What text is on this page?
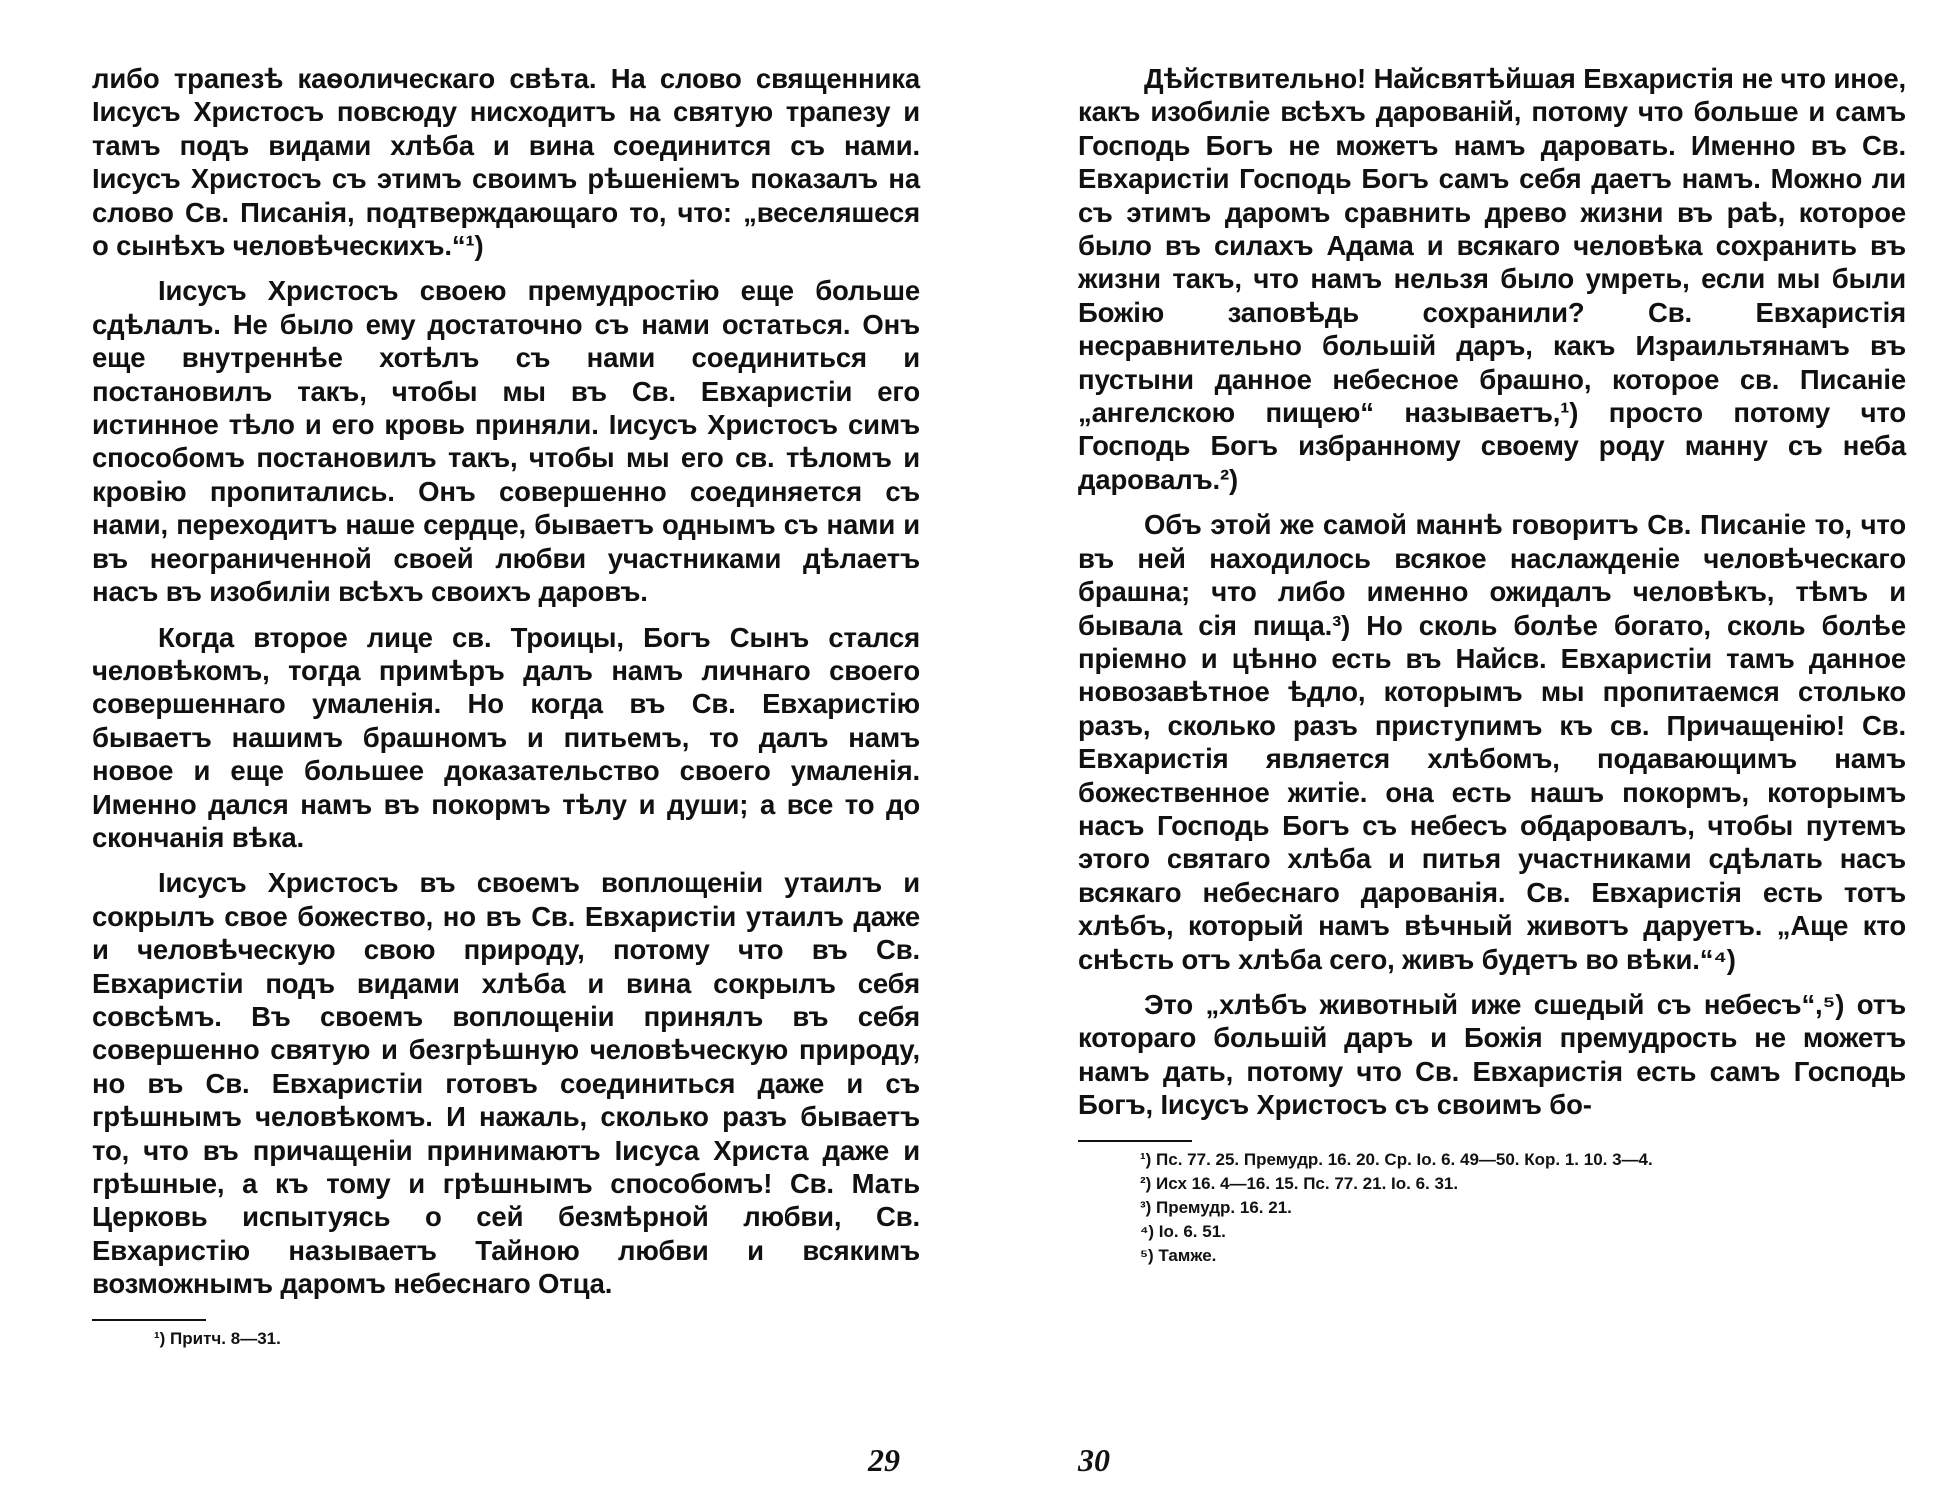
либо трапезѣ каѳолическаго свѣта. На слово священника Іисусъ Христосъ повсюду нисходитъ на святую трапезу и тамъ подъ видами хлѣба и вина соединится съ нами. Іисусъ Христосъ съ этимъ своимъ рѣшеніемъ показалъ на слово Св. Писанія, подтверждающаго то, что: „веселяшеся о сынѣхъ человѣческихъ.“¹)

Іисусъ Христосъ своею премудростію еще больше сдѣлалъ. Не было ему достаточно съ нами остаться. Онъ еще внутреннѣе хотѣлъ съ нами соединиться и постановилъ такъ, чтобы мы въ Св. Евхаристіи его истинное тѣло и его кровь приняли. Іисусъ Христосъ симъ способомъ постановилъ такъ, чтобы мы его св. тѣломъ и кровію пропитались. Онъ совершенно соединяется съ нами, переходитъ наше сердце, бываетъ однымъ съ нами и въ неограниченной своей любви участниками дѣлаетъ насъ въ изобиліи всѣхъ своихъ даровъ.

Когда второе лице св. Троицы, Богъ Сынъ стался человѣкомъ, тогда примѣръ далъ намъ личнаго своего совершеннаго умаленія. Но когда въ Св. Евхаристію бываетъ нашимъ брашномъ и питьемъ, то далъ намъ новое и еще большее доказательство своего умаленія. Именно дался намъ въ покормъ тѣлу и души; а все то до скончанія вѣка.

Іисусъ Христосъ въ своемъ воплощеніи утаилъ и сокрылъ свое божество, но въ Св. Евхаристіи утаилъ даже и человѣческую свою природу, потому что въ Св. Евхаристіи подъ видами хлѣба и вина сокрылъ себя совсѣмъ. Въ своемъ воплощеніи принялъ въ себя совершенно святую и безгрѣшную человѣческую природу, но въ Св. Евхаристіи готовъ соединиться даже и съ грѣшнымъ человѣкомъ. И нажаль, сколько разъ бываетъ то, что въ причащеніи принимаютъ Іисуса Христа даже и грѣшные, а къ тому и грѣшнымъ способомъ! Св. Мать Церковь испытуясь о сей безмѣрной любви, Св. Евхаристію называетъ Тайною любви и всякимъ возможнымъ даромъ небеснаго Отца.

¹) Притч. 8—31.

Дѣйствительно! Найсвятѣйшая Евхаристія не что иное, какъ изобиліе всѣхъ дарованій, потому что больше и самъ Господь Богъ не можетъ намъ даровать. Именно въ Св. Евхаристіи Господь Богъ самъ себя даетъ намъ. Можно ли съ этимъ даромъ сравнить древо жизни въ раѣ, которое было въ силахъ Адама и всякаго человѣка сохранить въ жизни такъ, что намъ нельзя было умреть, если мы были Божію заповѣдь сохранили? Св. Евхаристія несравнительно большій даръ, какъ Израильтянамъ въ пустыни данное небесное брашно, которое св. Писаніе „ангелскою пищею“ называетъ,¹) просто потому что Господь Богъ избранному своему роду манну съ неба даровалъ.²)

Объ этой же самой маннѣ говоритъ Св. Писаніе то, что въ ней находилось всякое наслажденіе человѣческаго брашна; что либо именно ожидалъ человѣкъ, тѣмъ и бывала сія пища.³) Но сколь болѣе богато, сколь болѣе пріемно и цѣнно есть въ Найсв. Евхаристіи тамъ данное новозавѣтное ѣдло, которымъ мы пропитаемся столько разъ, сколько разъ приступимъ къ св. Причащенію! Св. Евхаристія является хлѣбомъ, подавающимъ намъ божественное житіе. она есть нашъ покормъ, которымъ насъ Господь Богъ съ небесъ обдаровалъ, чтобы путемъ этого святаго хлѣба и питья участниками сдѣлать насъ всякаго небеснаго дарованія. Св. Евхаристія есть тотъ хлѣбъ, который намъ вѣчный животъ даруетъ. „Аще кто снѣсть отъ хлѣба сего, живъ будетъ во вѣки.“⁴)

Это „хлѣбъ животный иже сшедый съ небесъ“,⁵) отъ котораго большій даръ и Божія премудрость не можетъ намъ дать, потому что Св. Евхаристія есть самъ Господь Богъ, Іисусъ Христосъ съ своимъ бо-

¹) Пс. 77. 25. Премудр. 16. 20. Ср. Іо. 6. 49—50. Кор. 1. 10. 3—4.

²) Исх 16. 4—16. 15. Пс. 77. 21. Іо. 6. 31.

³) Премудр. 16. 21.

⁴) Іо. 6. 51.

⁵) Тамже.

29	30
